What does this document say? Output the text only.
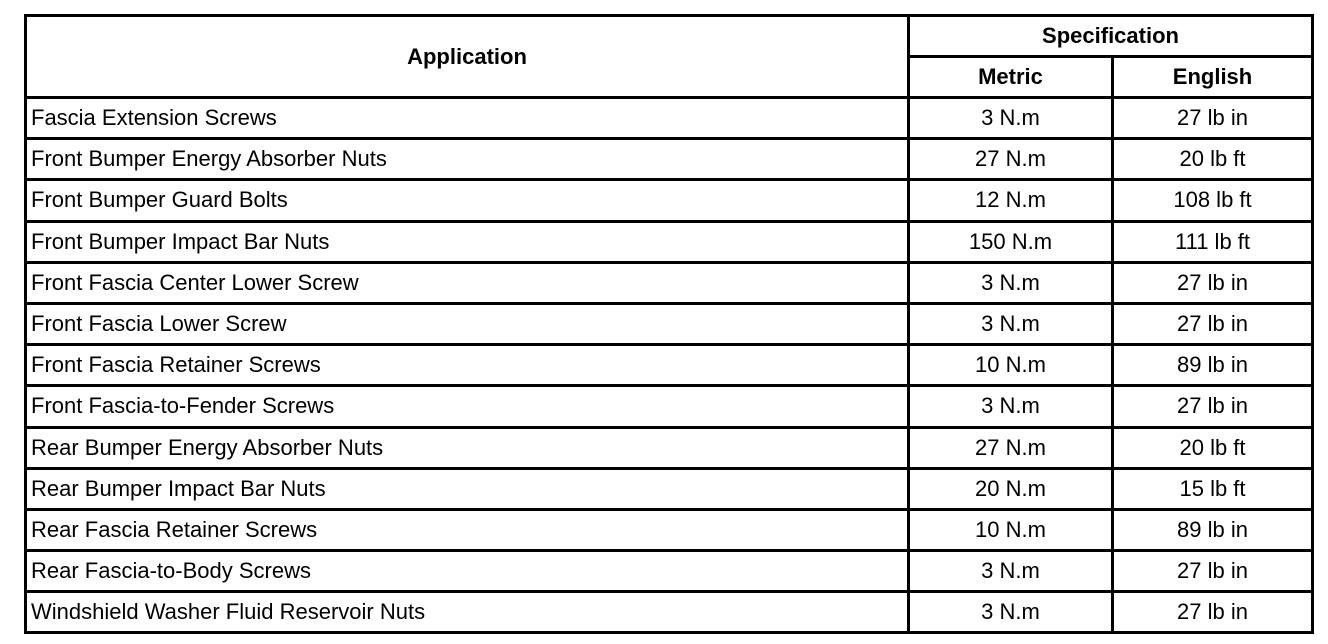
Application	Specification	
	Metric	English
Fascia Extension Screws	3 N.m	27 lb in
Front Bumper Energy Absorber Nuts	27 N.m	20 lb ft
Front Bumper Guard Bolts	12 N.m	108 lb ft
Front Bumper Impact Bar Nuts	150 N.m	111 lb ft
Front Fascia Center Lower Screw	3 N.m	27 lb in
Front Fascia Lower Screw	3 N.m	27 lb in
Front Fascia Retainer Screws	10 N.m	89 lb in
Front Fascia-to-Fender Screws	3 N.m	27 lb in
Rear Bumper Energy Absorber Nuts	27 N.m	20 lb ft
Rear Bumper Impact Bar Nuts	20 N.m	15 lb ft
Rear Fascia Retainer Screws	10 N.m	89 lb in
Rear Fascia-to-Body Screws	3 N.m	27 lb in
Windshield Washer Fluid Reservoir Nuts	3 N.m	27 lb in
